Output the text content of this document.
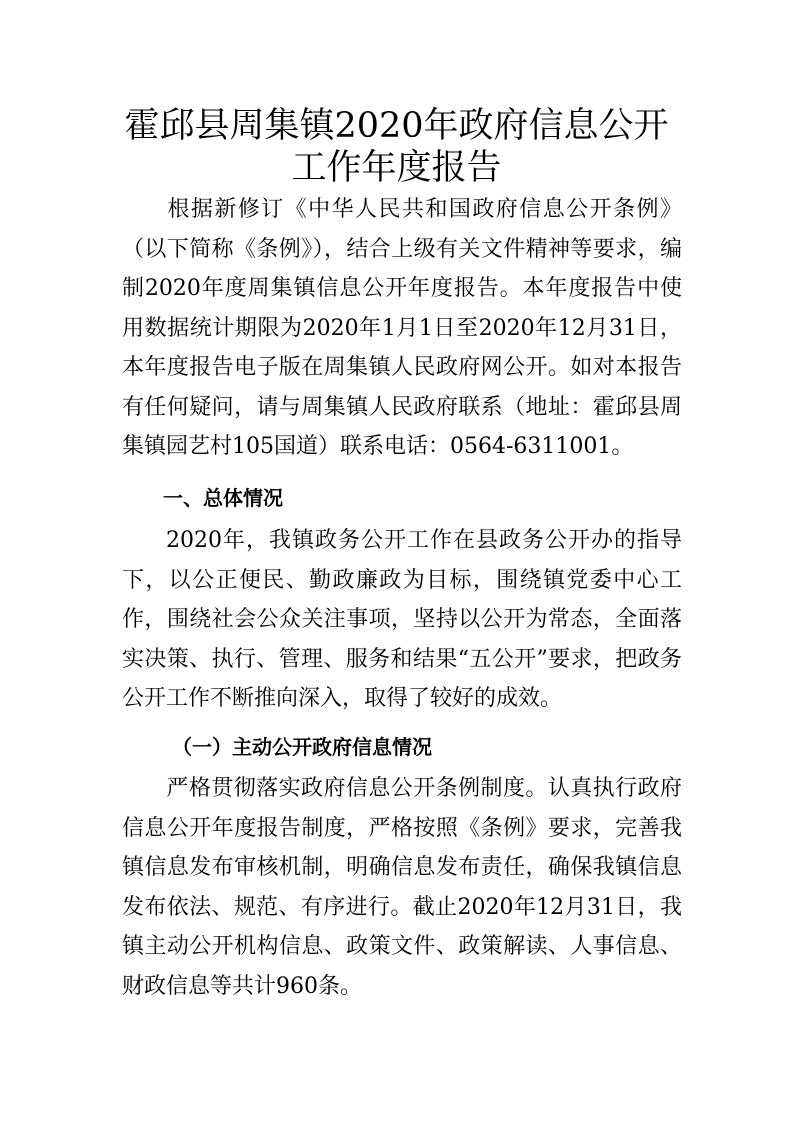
霍邱县周集镇2020年政府信息公开
工作年度报告

根据新修订《中华人民共和国政府信息公开条例》（以下简称《条例》），结合上级有关文件精神等要求，编制2020年度周集镇信息公开年度报告。本年度报告中使用数据统计期限为2020年1月1日至2020年12月31日，本年度报告电子版在周集镇人民政府网公开。如对本报告有任何疑问，请与周集镇人民政府联系（地址：霍邱县周集镇园艺村105国道）联系电话：0564-6311001。

一、总体情况

2020年，我镇政务公开工作在县政务公开办的指导下，以公正便民、勤政廉政为目标，围绕镇党委中心工作，围绕社会公众关注事项，坚持以公开为常态，全面落实决策、执行、管理、服务和结果“五公开”要求，把政务公开工作不断推向深入，取得了较好的成效。

（一）主动公开政府信息情况

严格贯彻落实政府信息公开条例制度。认真执行政府信息公开年度报告制度，严格按照《条例》要求，完善我镇信息发布审核机制，明确信息发布责任，确保我镇信息发布依法、规范、有序进行。截止2020年12月31日，我镇主动公开机构信息、政策文件、政策解读、人事信息、财政信息等共计960条。
